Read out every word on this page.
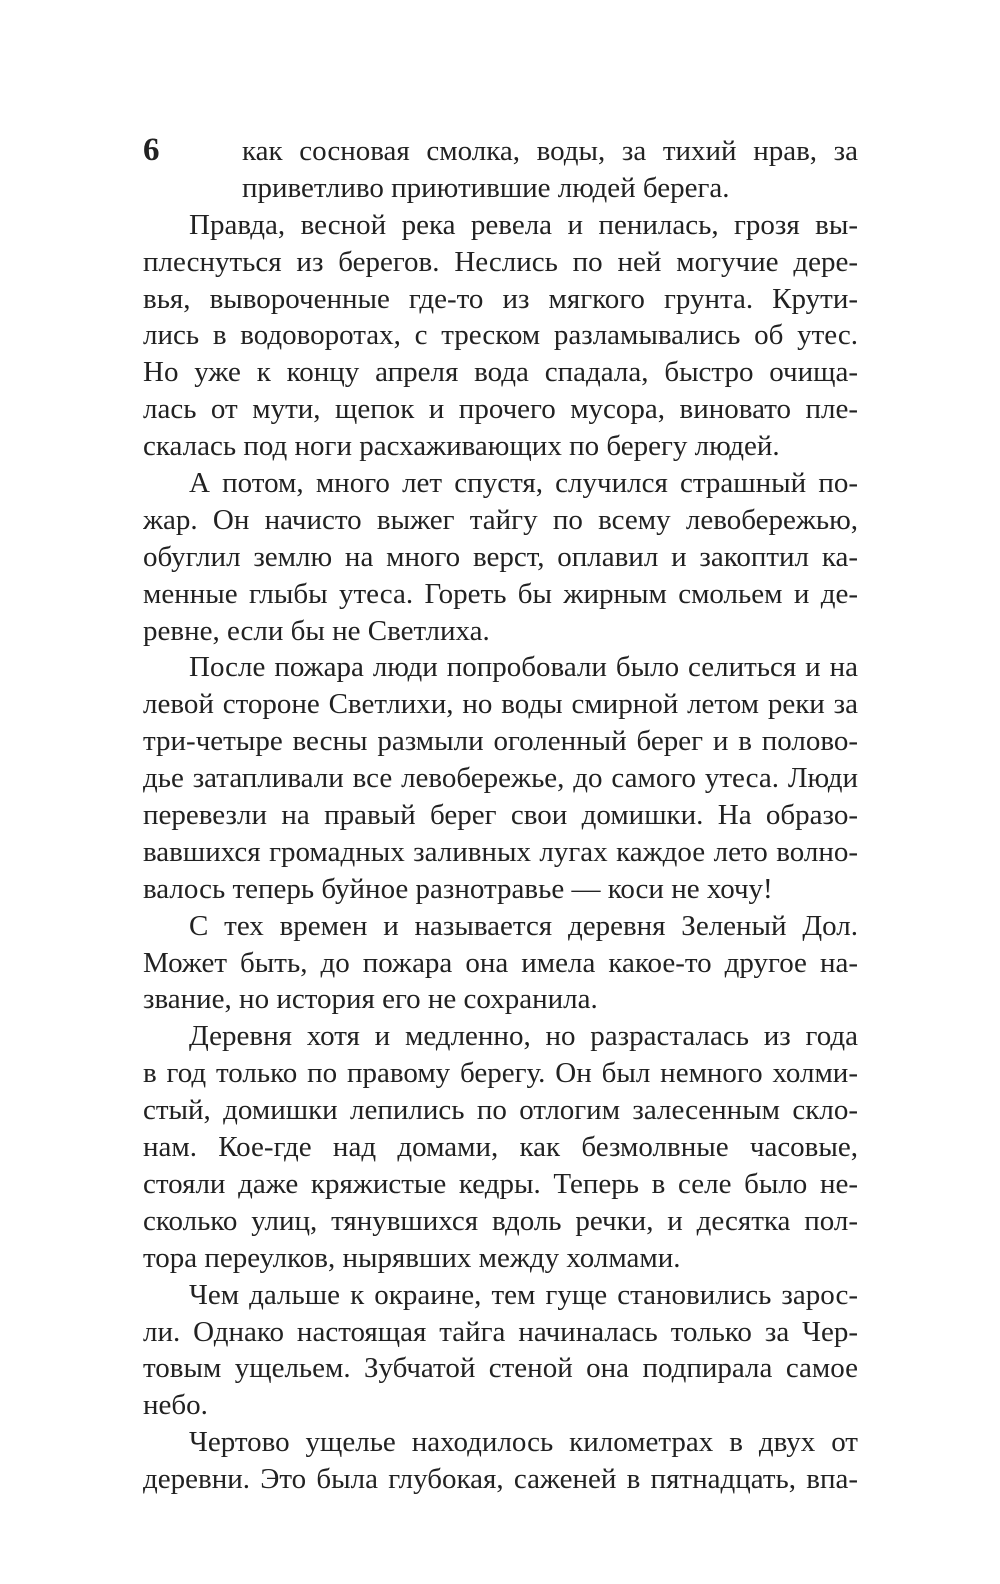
6	как сосновая смолка, воды, за тихий нрав, за
приветливо приютившие людей берега.
Правда, весной река ревела и пенилась, грозя вы-
плеснуться из берегов. Неслись по ней могучие дере-
вья, вывороченные где-то из мягкого грунта. Крути-
лись в водоворотах, с треском разламывались об утес.
Но уже к концу апреля вода спадала, быстро очища-
лась от мути, щепок и прочего мусора, виновато пле-
скалась под ноги расхаживающих по берегу людей.
А потом, много лет спустя, случился страшный по-
жар. Он начисто выжег тайгу по всему левобережью,
обуглил землю на много верст, оплавил и закоптил ка-
менные глыбы утеса. Гореть бы жирным смольем и де-
ревне, если бы не Светлиха.
После пожара люди попробовали было селиться и на
левой стороне Светлихи, но воды смирной летом реки за
три-четыре весны размыли оголенный берег и в полово-
дье затапливали все левобережье, до самого утеса. Люди
перевезли на правый берег свои домишки. На образо-
вавшихся громадных заливных лугах каждое лето волно-
валось теперь буйное разнотравье — коси не хочу!
С тех времен и называется деревня Зеленый Дол.
Может быть, до пожара она имела какое-то другое на-
звание, но история его не сохранила.
Деревня хотя и медленно, но разрасталась из года
в год только по правому берегу. Он был немного холми-
стый, домишки лепились по отлогим залесенным скло-
нам. Кое-где над домами, как безмолвные часовые,
стояли даже кряжистые кедры. Теперь в селе было не-
сколько улиц, тянувшихся вдоль речки, и десятка пол-
тора переулков, нырявших между холмами.
Чем дальше к окраине, тем гуще становились зарос-
ли. Однако настоящая тайга начиналась только за Чер-
товым ущельем. Зубчатой стеной она подпирала самое
небо.
Чертово ущелье находилось километрах в двух от
деревни. Это была глубокая, саженей в пятнадцать, впа-
